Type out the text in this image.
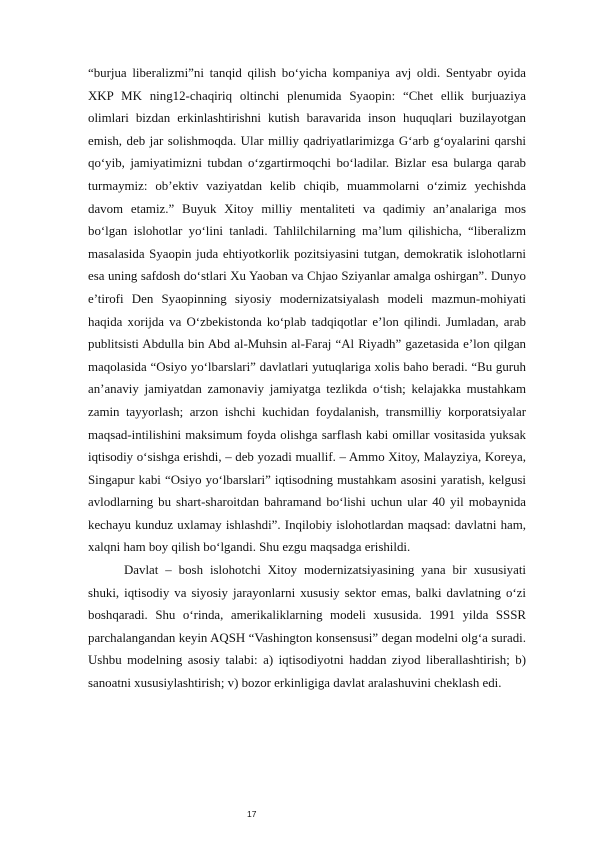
“burjua liberalizmi”ni tanqid qilish bo‘yicha kompaniya avj oldi. Sentyabr oyida XKP MK ning12-chaqiriq oltinchi plenumida Syaopin: “Chet ellik burjuaziya olimlari bizdan erkinlashtirishni kutish baravarida inson huquqlari buzilayotgan emish, deb jar solishmoqda. Ular milliy qadriyatlarimizga G‘arb g‘oyalarini qarshi qo‘yib, jamiyatimizni tubdan o‘zgartirmoqchi bo‘ladilar. Bizlar esa bularga qarab turmaymiz: ob’ektiv vaziyatdan kelib chiqib, muammolarni o‘zimiz yechishda davom etamiz.” Buyuk Xitoy milliy mentaliteti va qadimiy an’analariga mos bo‘lgan islohotlar yo‘lini tanladi. Tahlilchilarning ma’lum qilishicha, “liberalizm masalasida Syaopin juda ehtiyotkorlik pozitsiyasini tutgan, demokratik islohotlarni esa uning safdosh do‘stlari Xu Yaoban va Chjao Sziyanlar amalga oshirgan”. Dunyo e’tirofi Den Syaopinning siyosiy modernizatsiyalash modeli mazmun-mohiyati haqida xorijda va O‘zbekistonda ko‘plab tadqiqotlar e’lon qilindi. Jumladan, arab publitsisti Abdulla bin Abd al-Muhsin al-Faraj “Al Riyadh” gazetasida e’lon qilgan maqolasida “Osiyo yo‘lbarslari” davlatlari yutuqlariga xolis baho beradi. “Bu guruh an’anaviy jamiyatdan zamonaviy jamiyatga tezlikda o‘tish; kelajakka mustahkam zamin tayyorlash; arzon ishchi kuchidan foydalanish, transmilliy korporatsiyalar maqsad-intilishini maksimum foyda olishga sarflash kabi omillar vositasida yuksak iqtisodiy o‘sishga erishdi, – deb yozadi muallif. – Ammo Xitoy, Malayziya, Koreya, Singapur kabi “Osiyo yo‘lbarslari” iqtisodning mustahkam asosini yaratish, kelgusi avlodlarning bu shart-sharoitdan bahramand bo‘lishi uchun ular 40 yil mobaynida kechayu kunduz uxlamay ishlashdi”. Inqilobiy islohotlardan maqsad: davlatni ham, xalqni ham boy qilish bo‘lgandi. Shu ezgu maqsadga erishildi.

Davlat – bosh islohotchi Xitoy modernizatsiyasining yana bir xususiyati shuki, iqtisodiy va siyosiy jarayonlarni xususiy sektor emas, balki davlatning o‘zi boshqaradi. Shu o‘rinda, amerikaliklarning modeli xususida. 1991 yilda SSSR parchalangandan keyin AQSH “Vashington konsensusi” degan modelni olg‘a suradi. Ushbu modelning asosiy talabi: a) iqtisodiyotni haddan ziyod liberallashtirish; b) sanoatni xususiylashtirish; v) bozor erkinligiga davlat aralashuvini cheklash edi.

17
